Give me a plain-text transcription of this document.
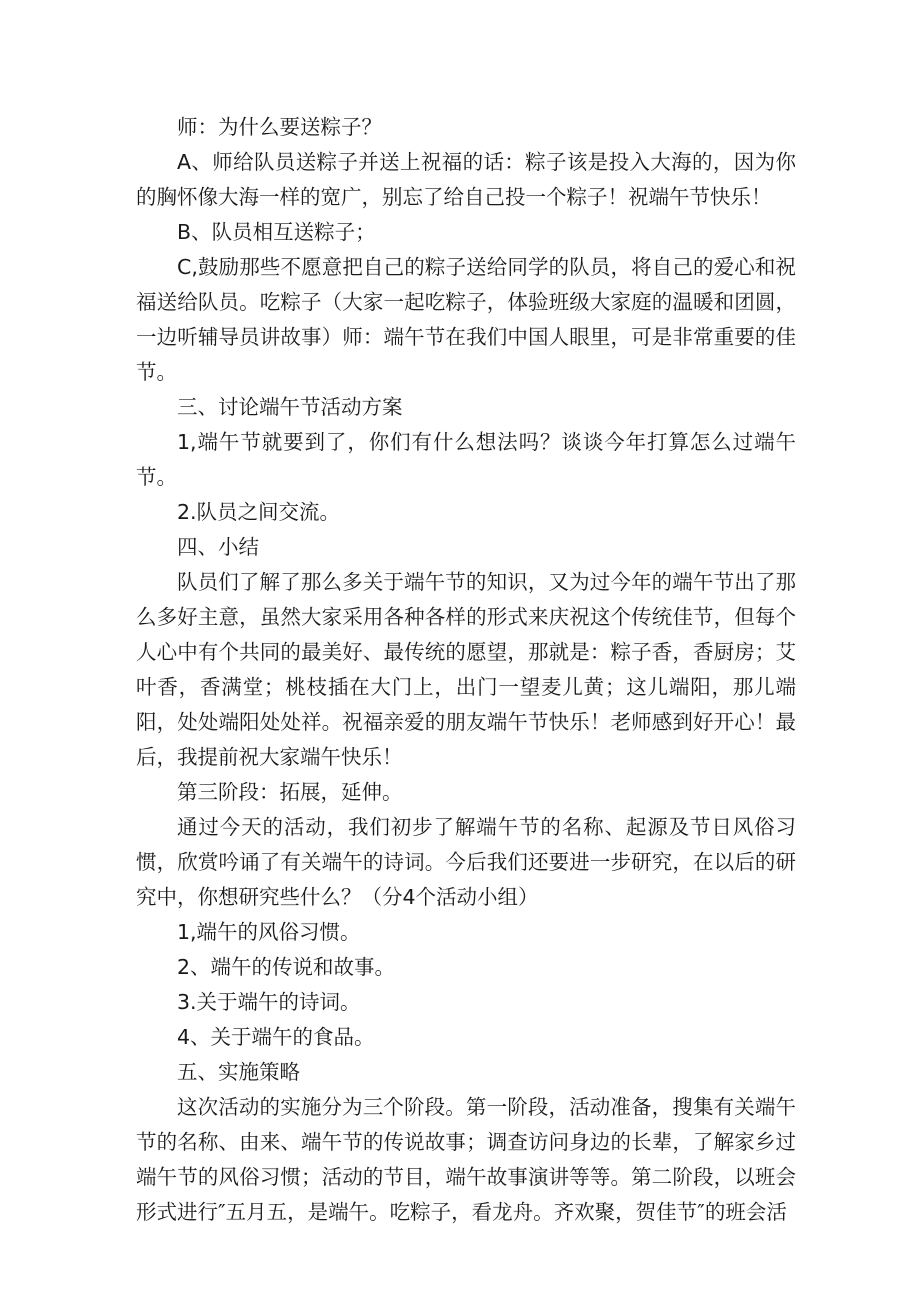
师：为什么要送粽子？

A、师给队员送粽子并送上祝福的话：粽子该是投入大海的，因为你的胸怀像大海一样的宽广，别忘了给自己投一个粽子！祝端午节快乐！

B、队员相互送粽子；

C,鼓励那些不愿意把自己的粽子送给同学的队员，将自己的爱心和祝福送给队员。吃粽子（大家一起吃粽子，体验班级大家庭的温暖和团圆，一边听辅导员讲故事）师：端午节在我们中国人眼里，可是非常重要的佳节。

三、讨论端午节活动方案

1,端午节就要到了，你们有什么想法吗？谈谈今年打算怎么过端午节。

2.队员之间交流。

四、小结

队员们了解了那么多关于端午节的知识，又为过今年的端午节出了那么多好主意，虽然大家采用各种各样的形式来庆祝这个传统佳节，但每个人心中有个共同的最美好、最传统的愿望，那就是：粽子香，香厨房；艾叶香，香满堂；桃枝插在大门上，出门一望麦儿黄；这儿端阳，那儿端阳，处处端阳处处祥。祝福亲爱的朋友端午节快乐！老师感到好开心！最后，我提前祝大家端午快乐！

第三阶段：拓展，延伸。

通过今天的活动，我们初步了解端午节的名称、起源及节日风俗习惯，欣赏吟诵了有关端午的诗词。今后我们还要进一步研究，在以后的研究中，你想研究些什么？（分4个活动小组）

1,端午的风俗习惯。

2、端午的传说和故事。

3.关于端午的诗词。

4、关于端午的食品。

五、实施策略

这次活动的实施分为三个阶段。第一阶段，活动准备，搜集有关端午节的名称、由来、端午节的传说故事；调查访问身边的长辈，了解家乡过端午节的风俗习惯；活动的节目，端午故事演讲等等。第二阶段，以班会形式进行″五月五，是端午。吃粽子，看龙舟。齐欢聚，贺佳节″的班会活
